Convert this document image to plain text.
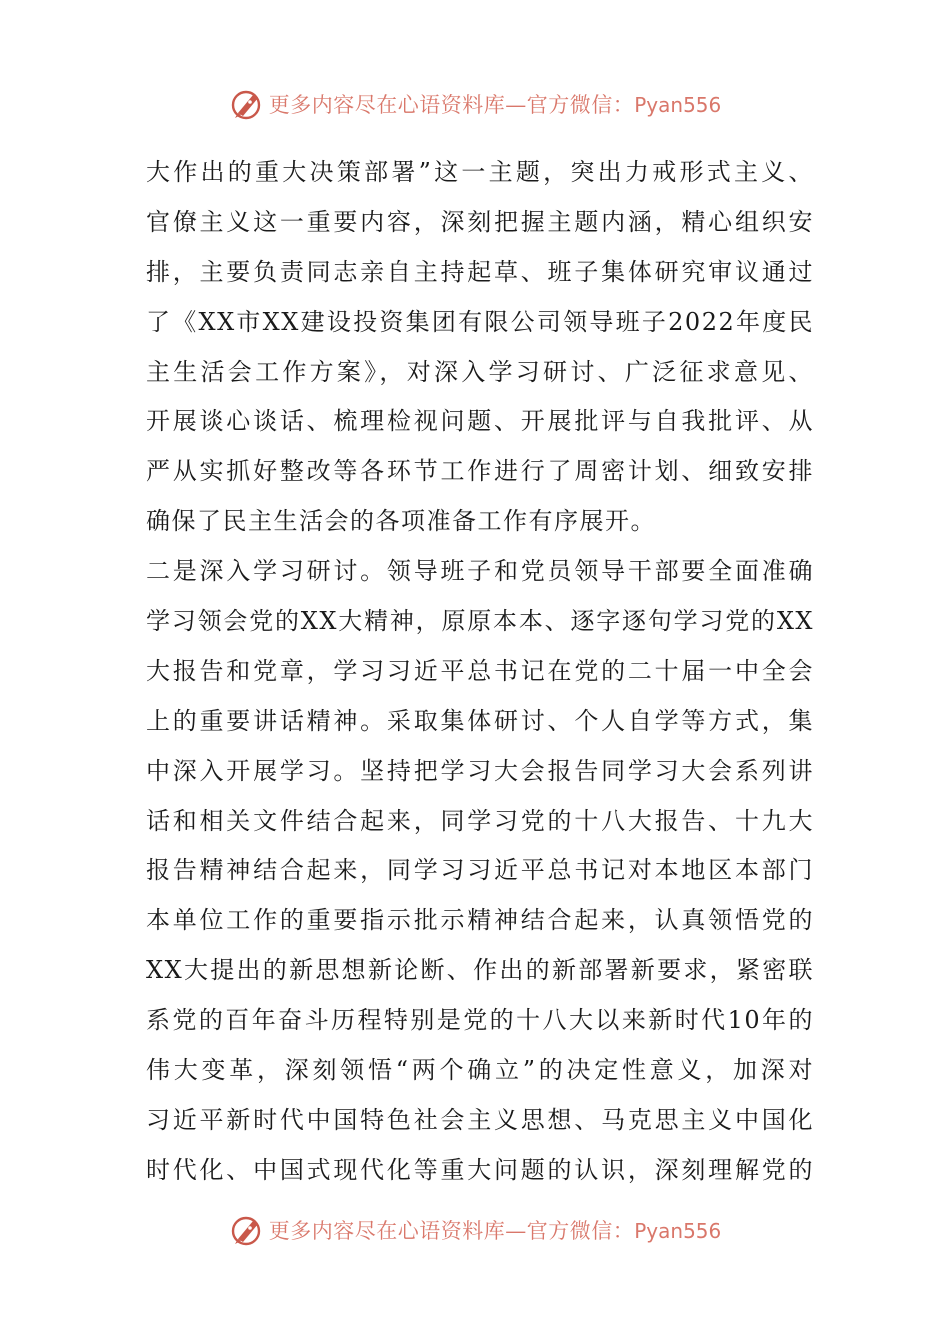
更多内容尽在心语资料库—官方微信：Pyan556
大作出的重大决策部署”这一主题，突出力戒形式主义、
官僚主义这一重要内容，深刻把握主题内涵，精心组织安
排，主要负责同志亲自主持起草、班子集体研究审议通过
了《XX市XX建设投资集团有限公司领导班子2022年度民
主生活会工作方案》，对深入学习研讨、广泛征求意见、
开展谈心谈话、梳理检视问题、开展批评与自我批评、从
严从实抓好整改等各环节工作进行了周密计划、细致安排
确保了民主生活会的各项准备工作有序展开。
二是深入学习研讨。领导班子和党员领导干部要全面准确
学习领会党的XX大精神，原原本本、逐字逐句学习党的XX
大报告和党章，学习习近平总书记在党的二十届一中全会
上的重要讲话精神。采取集体研讨、个人自学等方式，集
中深入开展学习。坚持把学习大会报告同学习大会系列讲
话和相关文件结合起来，同学习党的十八大报告、十九大
报告精神结合起来，同学习习近平总书记对本地区本部门
本单位工作的重要指示批示精神结合起来，认真领悟党的
XX大提出的新思想新论断、作出的新部署新要求，紧密联
系党的百年奋斗历程特别是党的十八大以来新时代10年的
伟大变革，深刻领悟“两个确立”的决定性意义，加深对
习近平新时代中国特色社会主义思想、马克思主义中国化
时代化、中国式现代化等重大问题的认识，深刻理解党的
更多内容尽在心语资料库—官方微信：Pyan556
